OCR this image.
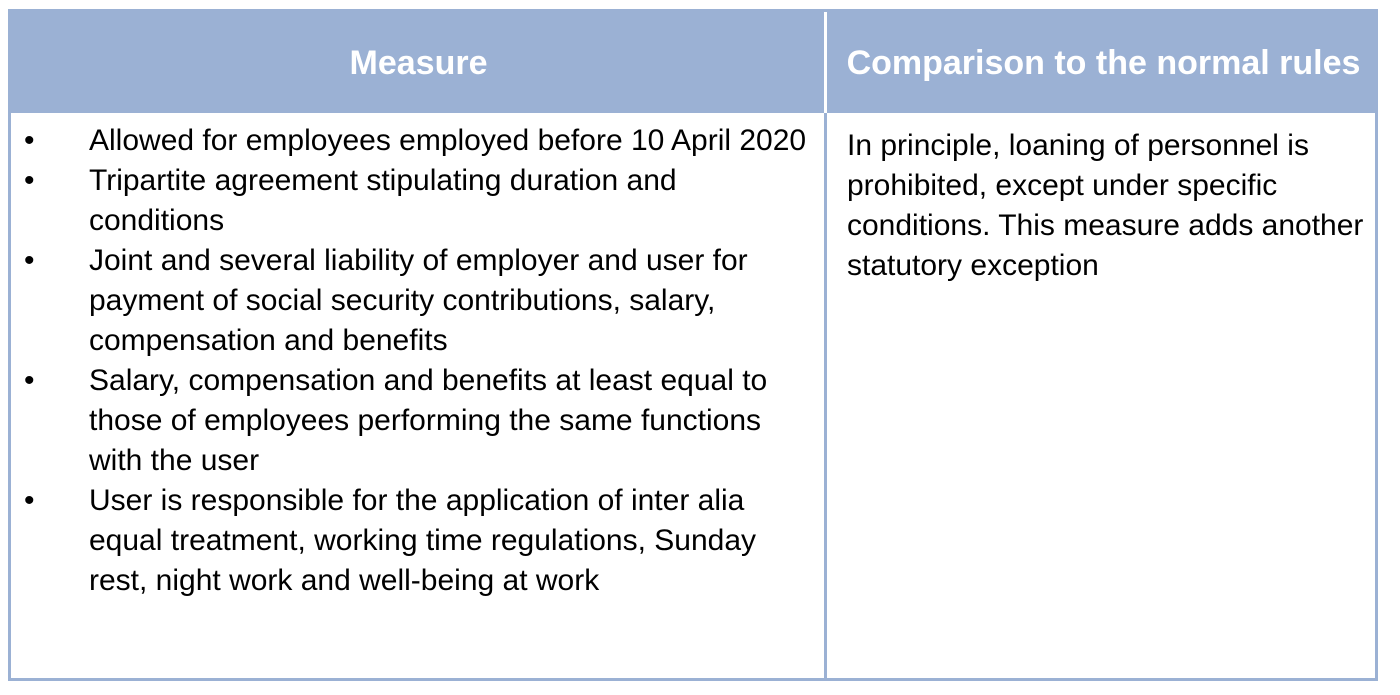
Measure	Comparison to the normal rules
• Allowed for employees employed before 10 April 2020
• Tripartite agreement stipulating duration and conditions
• Joint and several liability of employer and user for payment of social security contributions, salary, compensation and benefits
• Salary, compensation and benefits at least equal to those of employees performing the same functions with the user
• User is responsible for the application of inter alia equal treatment, working time regulations, Sunday rest, night work and well-being at work
In principle, loaning of personnel is prohibited, except under specific conditions. This measure adds another statutory exception
